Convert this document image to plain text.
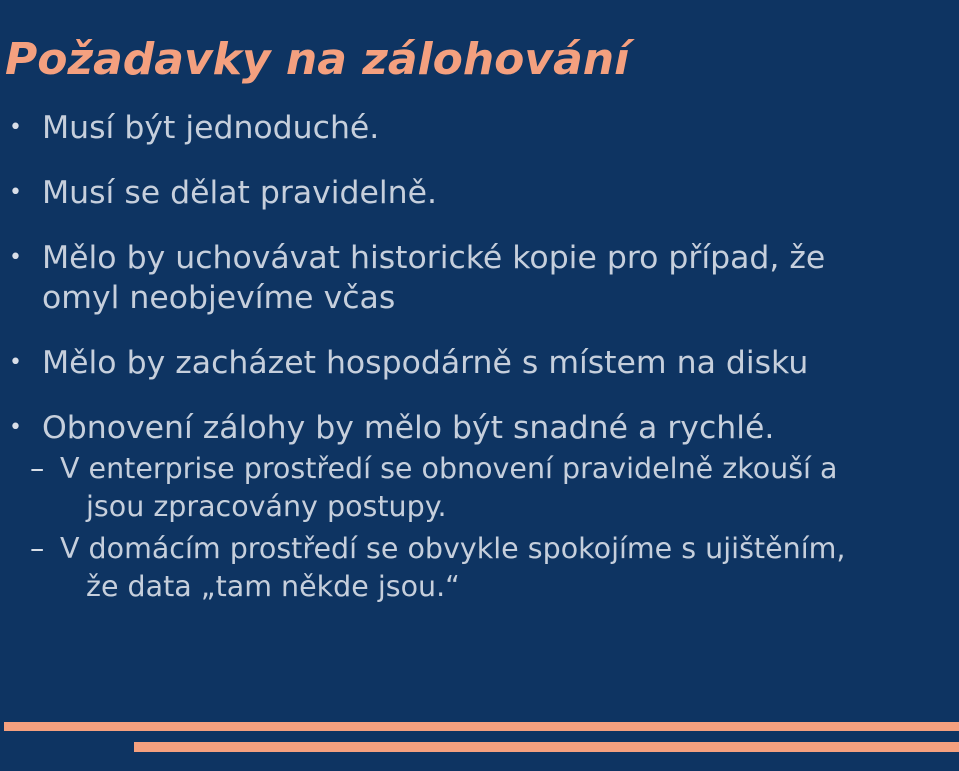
Požadavky na zálohování
• Musí být jednoduché.
• Musí se dělat pravidelně.
• Mělo by uchovávat historické kopie pro případ, že omyl neobjevíme včas
• Mělo by zacházet hospodárně s místem na disku
• Obnovení zálohy by mělo být snadné a rychlé.
– V enterprise prostředí se obnovení pravidelně zkouší a jsou zpracovány postupy.
– V domácím prostředí se obvykle spokojíme s ujištěním, že data „tam někde jsou.“
